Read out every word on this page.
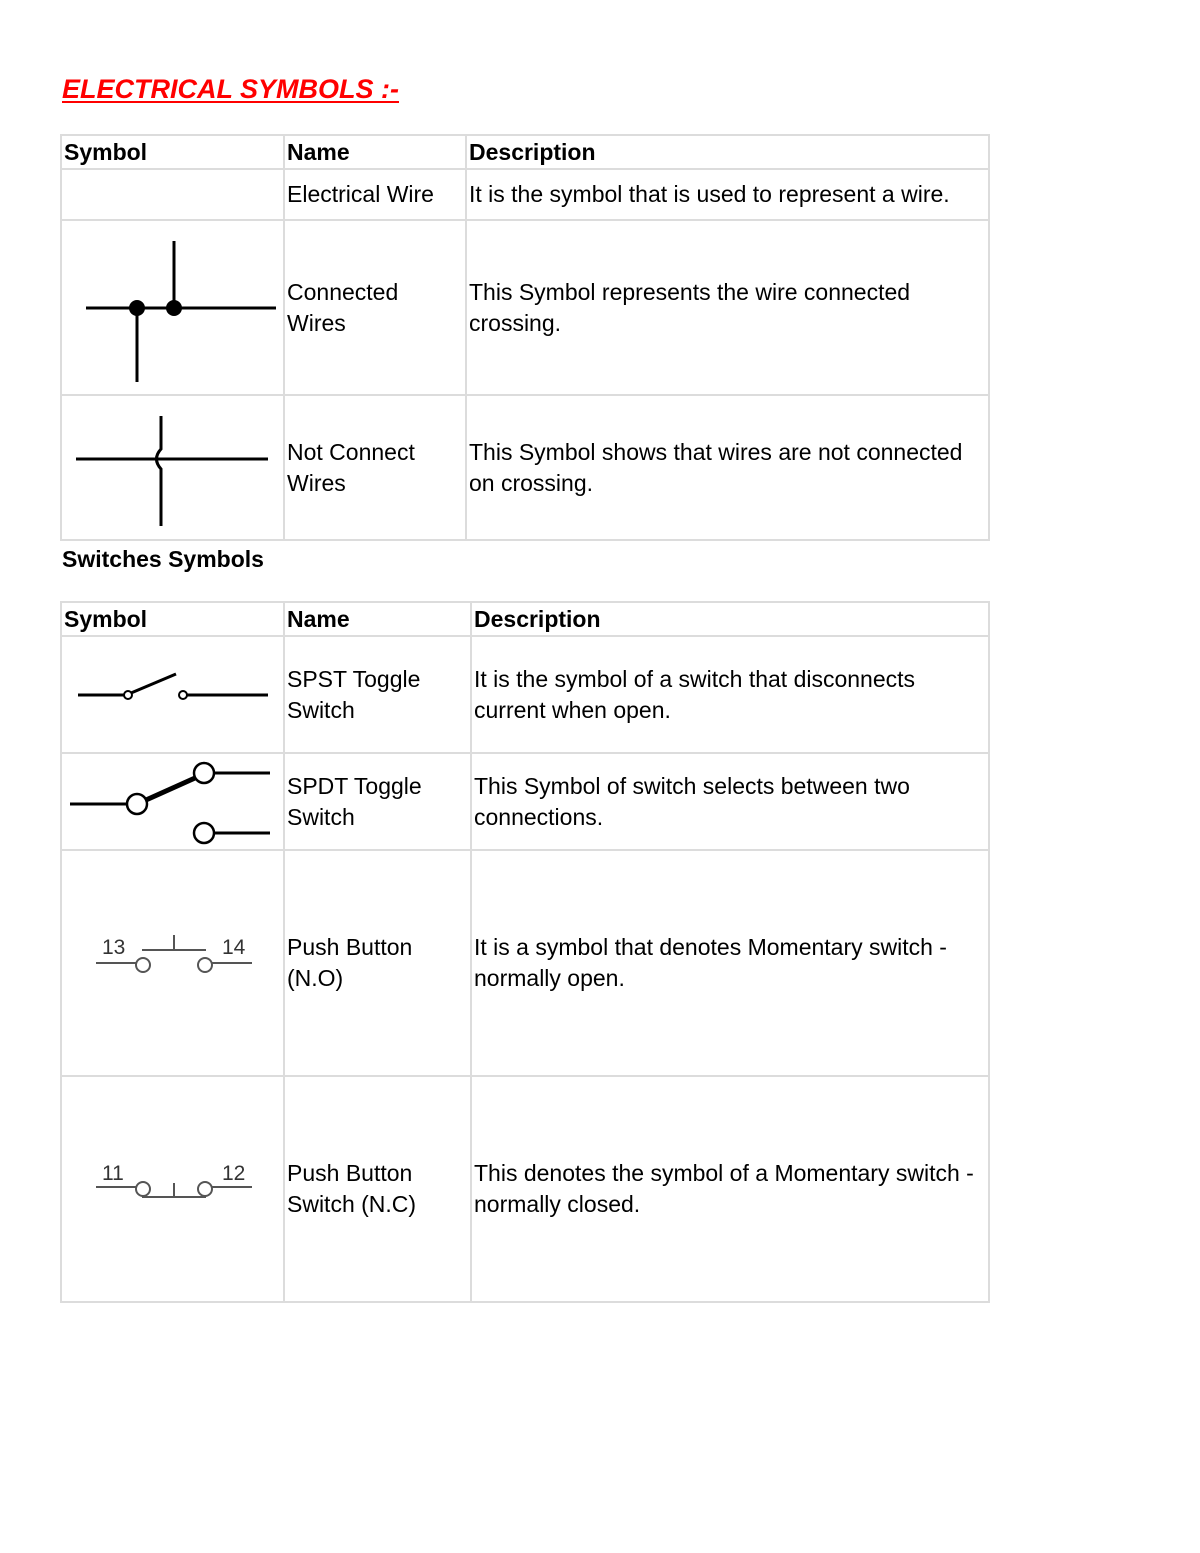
ELECTRICAL SYMBOLS :-
Symbol	Name	Description
	Electrical Wire	It is the symbol that is used to represent a wire.

	Connected Wires	This Symbol represents the wire connected crossing.

	Not Connect Wires	This Symbol shows that wires are not connected on crossing.
Switches Symbols
Symbol	Name	Description

	SPST Toggle Switch	It is the symbol of a switch that disconnects current when open.

	SPDT Toggle Switch	This Symbol of switch selects between two connections.

13 14	Push Button (N.O)	It is a symbol that denotes Momentary switch - normally open.

11 12	Push Button Switch (N.C)	This denotes the symbol of a Momentary switch - normally closed.
